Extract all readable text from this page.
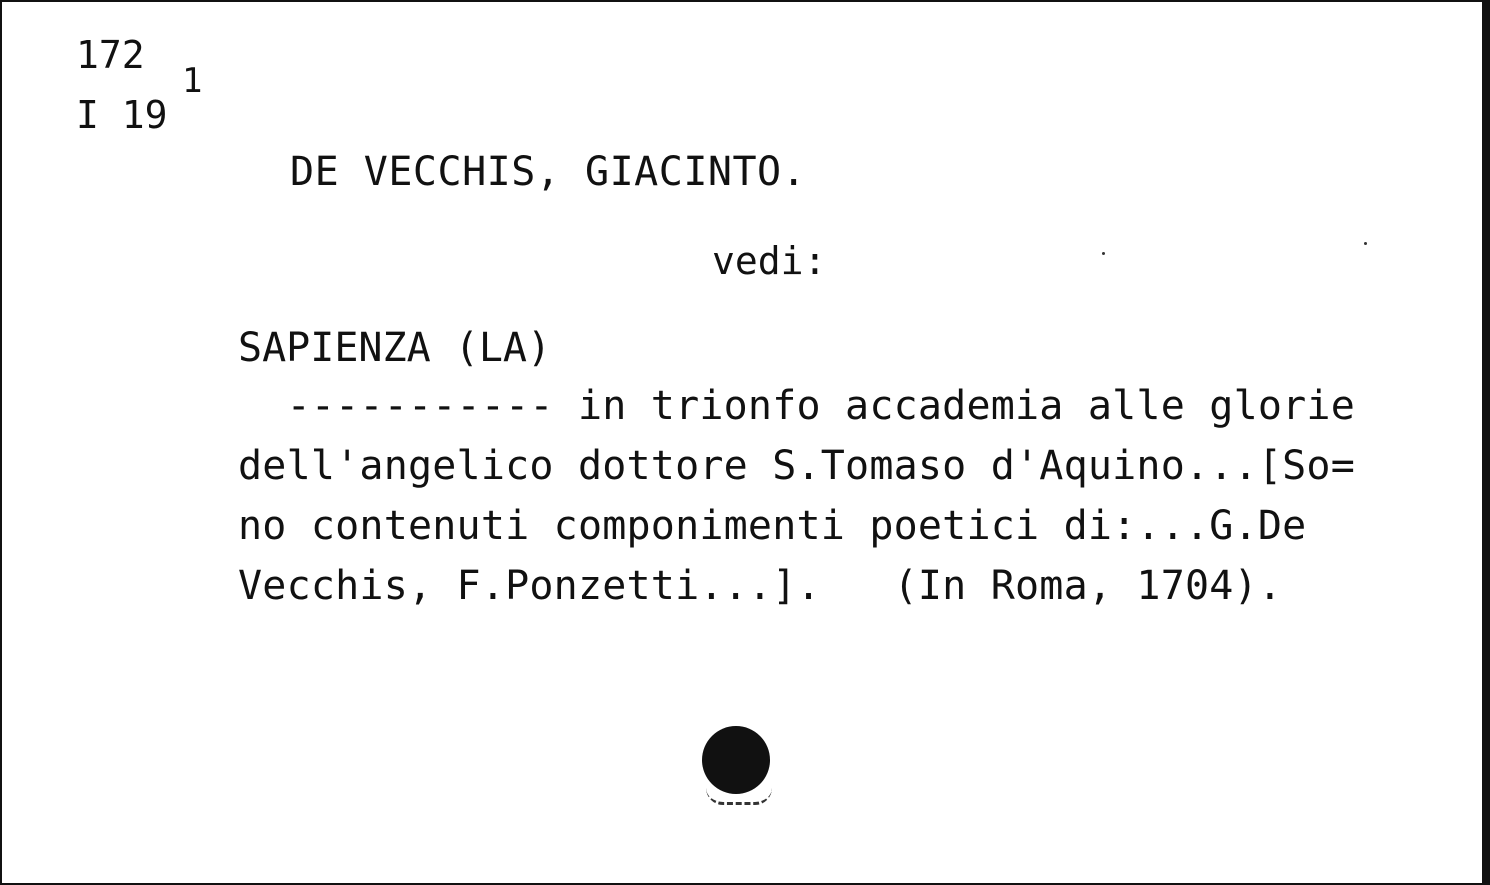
172
I 19
1
DE VECCHIS, GIACINTO.
vedi:
SAPIENZA (LA)
----------- in trionfo accademia alle glorie
dell'angelico dottore S.Tomaso d'Aquino...[So=
no contenuti componimenti poetici di:...G.De
Vecchis, F.Ponzetti...].   (In Roma, 1704).
